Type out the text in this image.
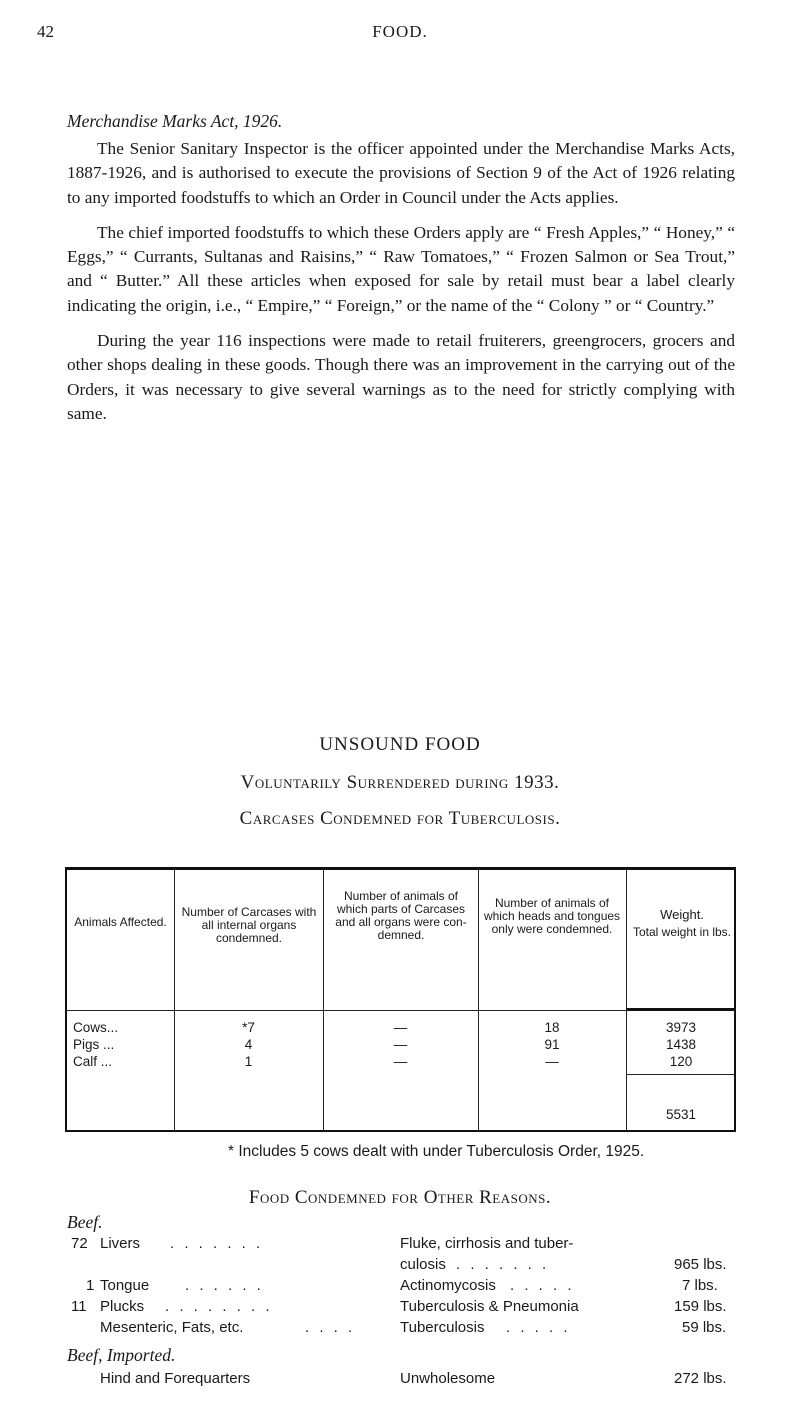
42	FOOD.
Merchandise Marks Act, 1926.

The Senior Sanitary Inspector is the officer appointed under the Merchandise Marks Acts, 1887-1926, and is authorised to execute the provisions of Section 9 of the Act of 1926 relating to any imported foodstuffs to which an Order in Council under the Acts applies.

The chief imported foodstuffs to which these Orders apply are “ Fresh Apples,” “ Honey,” “ Eggs,” “ Currants, Sultanas and Raisins,” “ Raw Tomatoes,” “ Frozen Salmon or Sea Trout,” and “ Butter.” All these articles when exposed for sale by retail must bear a label clearly indicating the origin, i.e., “ Empire,” “ Foreign,” or the name of the “ Colony ” or “ Country.”

During the year 116 inspections were made to retail fruiterers, greengrocers, grocers and other shops dealing in these goods. Though there was an improvement in the carrying out of the Orders, it was necessary to give several warnings as to the need for strictly complying with same.

UNSOUND FOOD
Voluntarily Surrendered during 1933.
Carcases Condemned for Tuberculosis.
Animals Affected.
Number of Carcases with all internal organs condemned.
Number of animals of which parts of Carcases and all organs were con- demned.
Number of animals of which heads and tongues only were condemned.
Weight.
Total weight in lbs.
Cows...	*7	—	18	3973
Pigs ...	4	—	91	1438
Calf ...	1	—	—	120
5531
* Includes 5 cows dealt with under Tuberculosis Order, 1925.
Food Condemned for Other Reasons.
Beef.
72 Livers . . . . . . .	Fluke, cirrhosis and tuber-
culosis . . . . . . .	965 lbs.
1 Tongue . . . . . .	Actinomycosis . . . . .	7 lbs.
11 Plucks . . . . . . . .	Tuberculosis & Pneumonia	159 lbs.
Mesenteric, Fats, etc.	. . . .	Tuberculosis . . . . .	59 lbs.
Beef, Imported.
Hind and Forequarters	Unwholesome	272 lbs.
